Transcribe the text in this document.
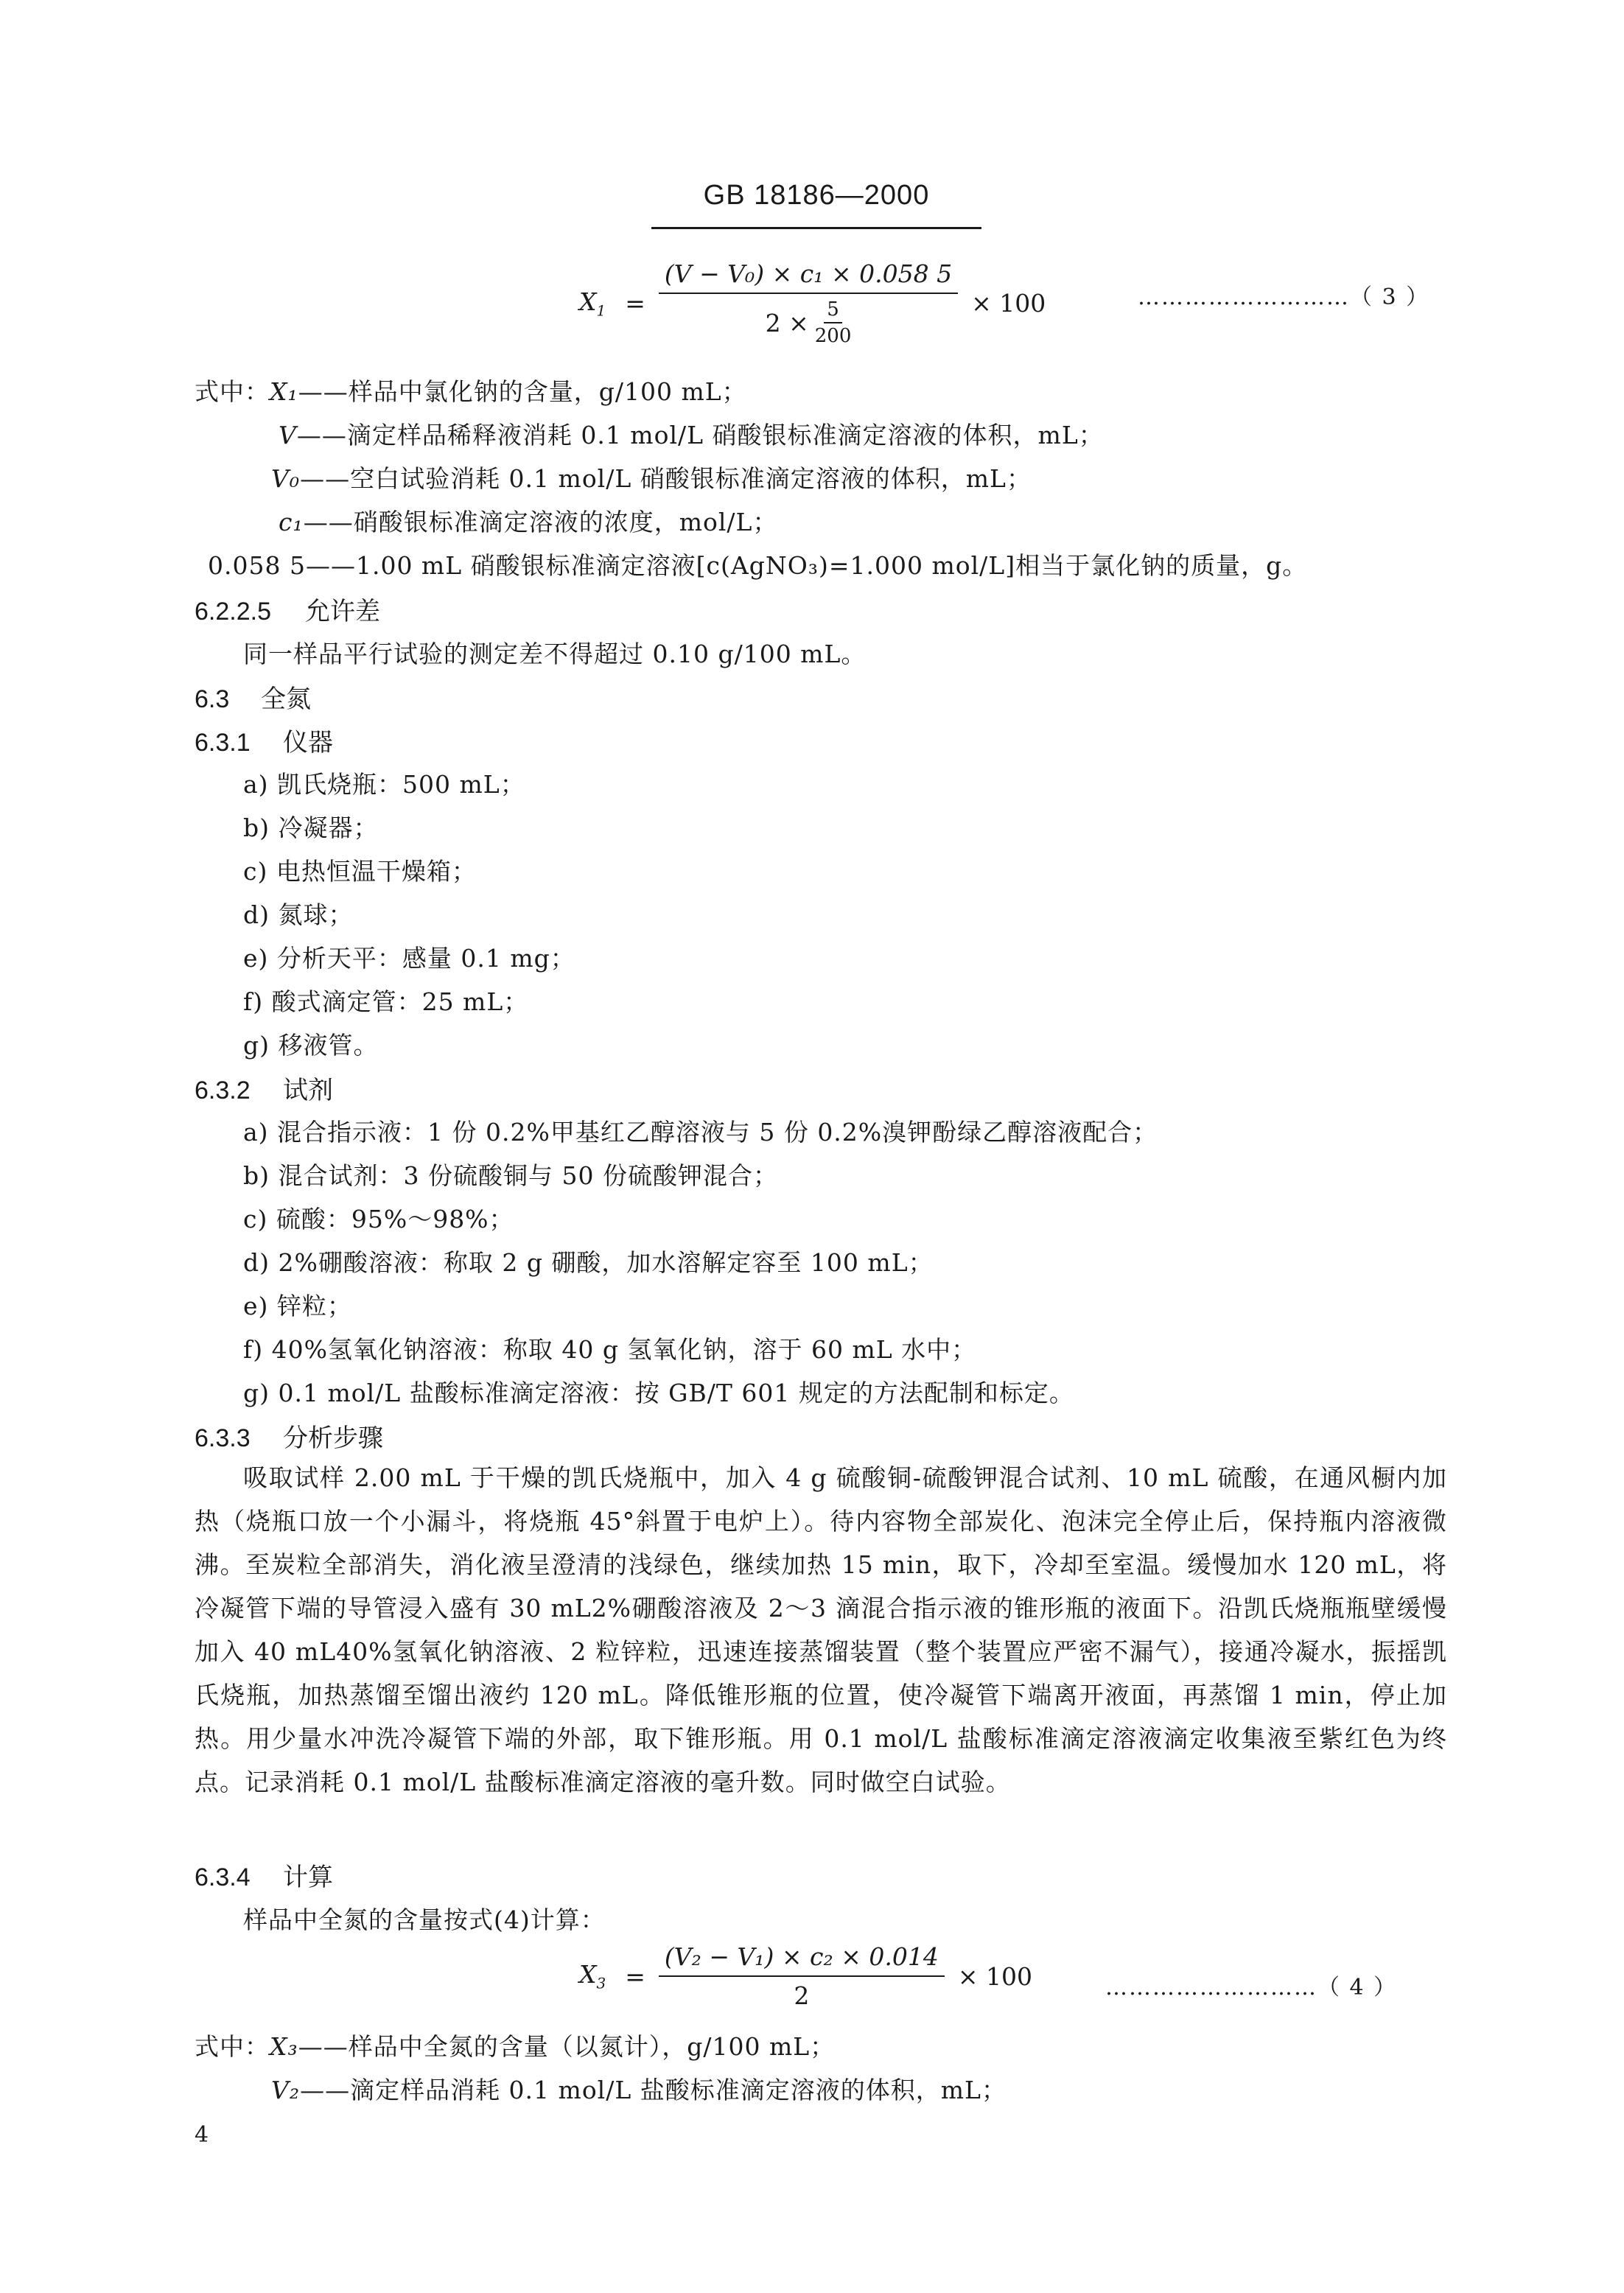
GB 18186—2000
$X_1 = \frac{\text{(V − V₀) × c₁ × 0.058 5}}{2 \times \frac{5}{200}} \times 100$	………………………（ 3 ）
式中：X₁——样品中氯化钠的含量，g/100 mL；
V——滴定样品稀释液消耗 0.1 mol/L 硝酸银标准滴定溶液的体积，mL；
V₀——空白试验消耗 0.1 mol/L 硝酸银标准滴定溶液的体积，mL；
c₁——硝酸银标准滴定溶液的浓度，mol/L；
0.058 5——1.00 mL 硝酸银标准滴定溶液[c(AgNO₃)=1.000 mol/L]相当于氯化钠的质量，g。
6.2.2.5 允许差
同一样品平行试验的测定差不得超过 0.10 g/100 mL。
6.3 全氮
6.3.1 仪器
a) 凯氏烧瓶：500 mL；
b) 冷凝器；
c) 电热恒温干燥箱；
d) 氮球；
e) 分析天平：感量 0.1 mg；
f) 酸式滴定管：25 mL；
g) 移液管。
6.3.2 试剂
a) 混合指示液：1 份 0.2%甲基红乙醇溶液与 5 份 0.2%溴钾酚绿乙醇溶液配合；
b) 混合试剂：3 份硫酸铜与 50 份硫酸钾混合；
c) 硫酸：95%～98%；
d) 2%硼酸溶液：称取 2 g 硼酸，加水溶解定容至 100 mL；
e) 锌粒；
f) 40%氢氧化钠溶液：称取 40 g 氢氧化钠，溶于 60 mL 水中；
g) 0.1 mol/L 盐酸标准滴定溶液：按 GB/T 601 规定的方法配制和标定。
6.3.3 分析步骤
吸取试样 2.00 mL 于干燥的凯氏烧瓶中，加入 4 g 硫酸铜-硫酸钾混合试剂、10 mL 硫酸，在通风橱内加热（烧瓶口放一个小漏斗，将烧瓶 45°斜置于电炉上）。待内容物全部炭化、泡沫完全停止后，保持瓶内溶液微沸。至炭粒全部消失，消化液呈澄清的浅绿色，继续加热 15 min，取下，冷却至室温。缓慢加水 120 mL，将冷凝管下端的导管浸入盛有 30 mL2%硼酸溶液及 2～3 滴混合指示液的锥形瓶的液面下。沿凯氏烧瓶瓶壁缓慢加入 40 mL40%氢氧化钠溶液、2 粒锌粒，迅速连接蒸馏装置（整个装置应严密不漏气），接通冷凝水，振摇凯氏烧瓶，加热蒸馏至馏出液约 120 mL。降低锥形瓶的位置，使冷凝管下端离开液面，再蒸馏 1 min，停止加热。用少量水冲洗冷凝管下端的外部，取下锥形瓶。用 0.1 mol/L 盐酸标准滴定溶液滴定收集液至紫红色为终点。记录消耗 0.1 mol/L 盐酸标准滴定溶液的毫升数。同时做空白试验。
6.3.4 计算
样品中全氮的含量按式(4)计算：
$X_3 = \frac{\text{(V₂ − V₁) × c₂ × 0.014}}{2} \times 100$	………………………（ 4 ）
式中：X₃——样品中全氮的含量（以氮计），g/100 mL；
V₂——滴定样品消耗 0.1 mol/L 盐酸标准滴定溶液的体积，mL；
4
